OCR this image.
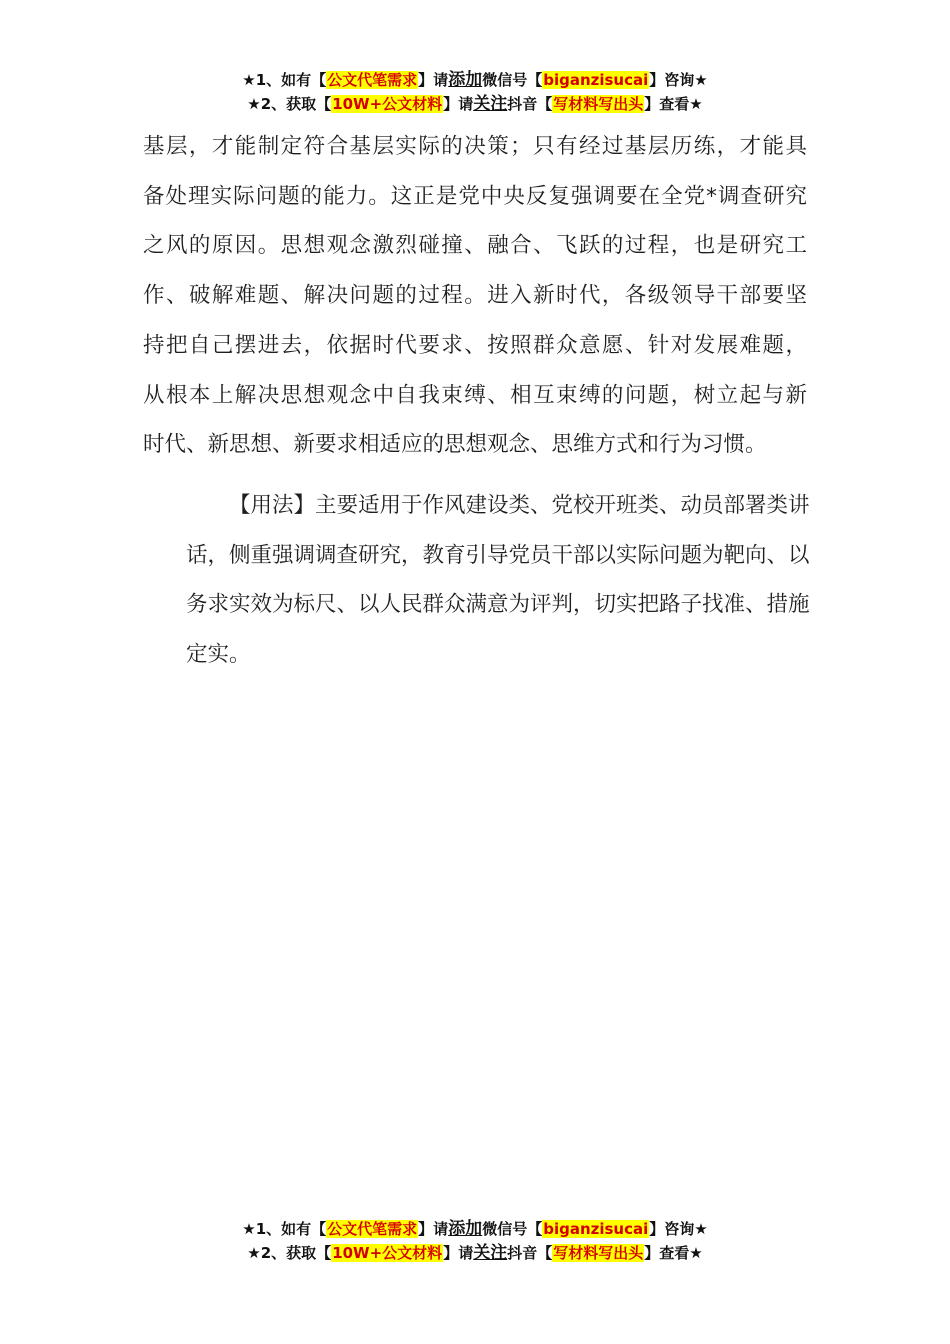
★1、如有【公文代笔需求】请添加微信号【biganzisucai】咨询★
★2、获取【10W+公文材料】请关注抖音【写材料写出头】查看★
基层，才能制定符合基层实际的决策；只有经过基层历练，才能具
备处理实际问题的能力。这正是党中央反复强调要在全党*调查研究
之风的原因。思想观念激烈碰撞、融合、飞跃的过程，也是研究工
作、破解难题、解决问题的过程。进入新时代，各级领导干部要坚
持把自己摆进去，依据时代要求、按照群众意愿、针对发展难题，
从根本上解决思想观念中自我束缚、相互束缚的问题，树立起与新
时代、新思想、新要求相适应的思想观念、思维方式和行为习惯。
【用法】主要适用于作风建设类、党校开班类、动员部署类讲
话，侧重强调调查研究，教育引导党员干部以实际问题为靶向、以
务求实效为标尺、以人民群众满意为评判，切实把路子找准、措施
定实。
★1、如有【公文代笔需求】请添加微信号【biganzisucai】咨询★
★2、获取【10W+公文材料】请关注抖音【写材料写出头】查看★
